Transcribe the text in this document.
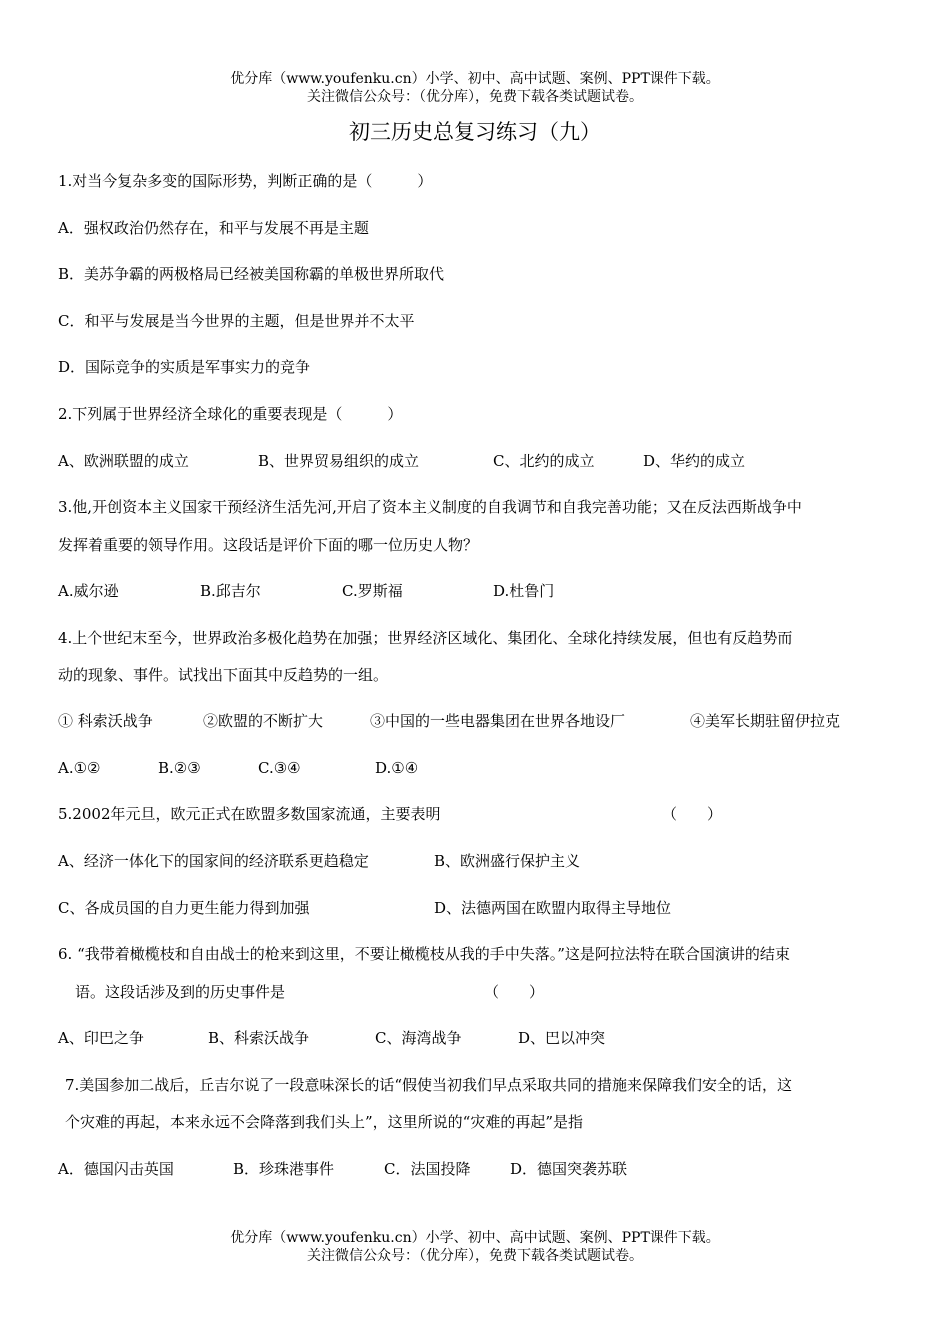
优分库（www.youfenku.cn）小学、初中、高中试题、案例、PPT课件下载。
关注微信公众号：（优分库），免费下载各类试题试卷。
初三历史总复习练习（九）
1.对当今复杂多变的国际形势，判断正确的是（　　　）
A．强权政治仍然存在，和平与发展不再是主题
B．美苏争霸的两极格局已经被美国称霸的单极世界所取代
C．和平与发展是当今世界的主题，但是世界并不太平
D．国际竞争的实质是军事实力的竞争
2.下列属于世界经济全球化的重要表现是（　　　）
A、欧洲联盟的成立	B、世界贸易组织的成立	C、北约的成立	D、华约的成立
3.他,开创资本主义国家干预经济生活先河,开启了资本主义制度的自我调节和自我完善功能；又在反法西斯战争中
发挥着重要的领导作用。这段话是评价下面的哪一位历史人物？
A.威尔逊	B.邱吉尔	C.罗斯福	D.杜鲁门
4.上个世纪末至今，世界政治多极化趋势在加强；世界经济区域化、集团化、全球化持续发展，但也有反趋势而
动的现象、事件。试找出下面其中反趋势的一组。
① 科索沃战争	②欧盟的不断扩大	③中国的一些电器集团在世界各地设厂	④美军长期驻留伊拉克
A.①②	B.②③	C.③④	D.①④
5.2002年元旦，欧元正式在欧盟多数国家流通，主要表明	（　　）
A、经济一体化下的国家间的经济联系更趋稳定	B、欧洲盛行保护主义
C、各成员国的自力更生能力得到加强	D、法德两国在欧盟内取得主导地位
6. “我带着橄榄枝和自由战士的枪来到这里，不要让橄榄枝从我的手中失落。”这是阿拉法特在联合国演讲的结束
语。这段话涉及到的历史事件是	（　　）
A、印巴之争	B、科索沃战争	C、海湾战争	D、巴以冲突
7.美国参加二战后，丘吉尔说了一段意味深长的话“假使当初我们早点采取共同的措施来保障我们安全的话，这
个灾难的再起，本来永远不会降落到我们头上”，这里所说的“灾难的再起”是指
A．德国闪击英国	B．珍珠港事件	C．法国投降	D．德国突袭苏联
优分库（www.youfenku.cn）小学、初中、高中试题、案例、PPT课件下载。
关注微信公众号：（优分库），免费下载各类试题试卷。
